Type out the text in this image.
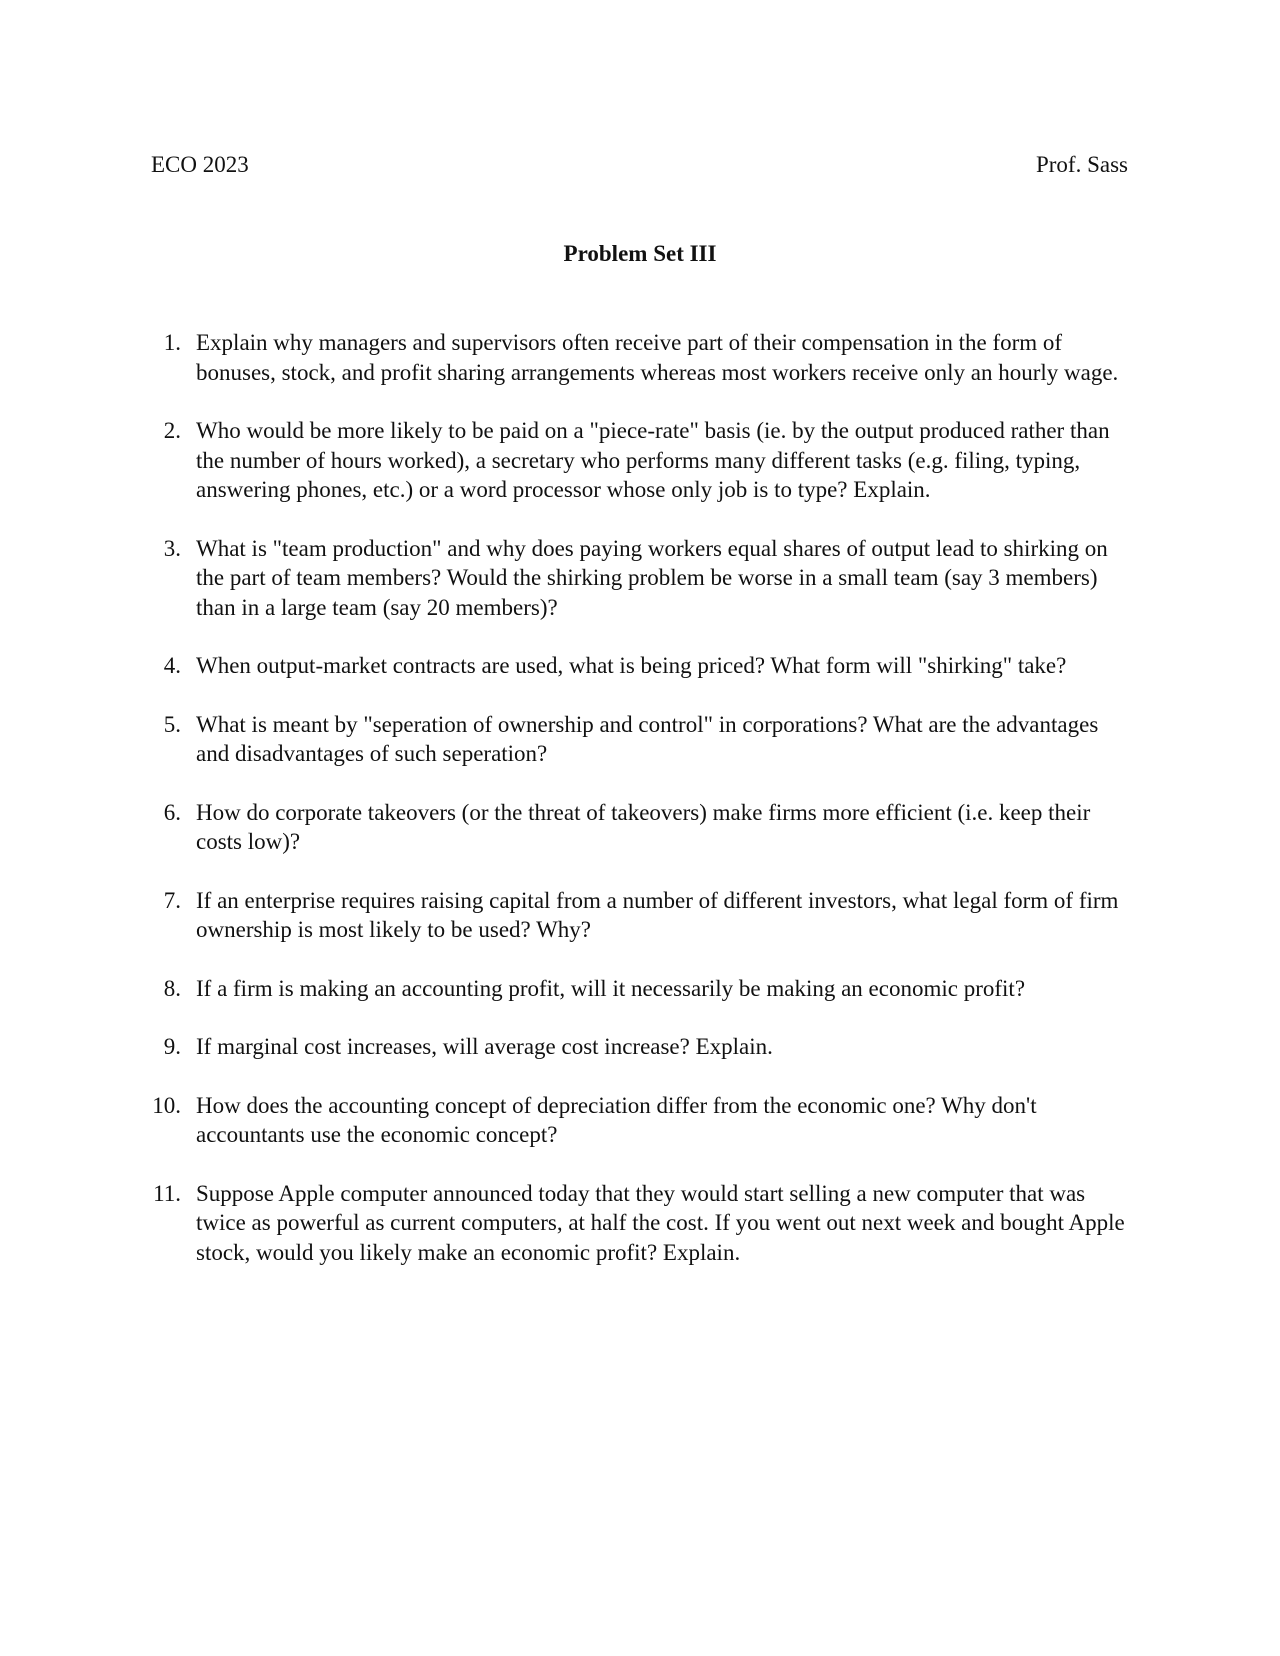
ECO 2023	Prof. Sass
Problem Set III
1. Explain why managers and supervisors often receive part of their compensation in the form of bonuses, stock, and profit sharing arrangements whereas most workers receive only an hourly wage.
2. Who would be more likely to be paid on a "piece-rate" basis (ie. by the output produced rather than the number of hours worked), a secretary who performs many different tasks (e.g. filing, typing, answering phones, etc.) or a word processor whose only job is to type? Explain.
3. What is "team production" and why does paying workers equal shares of output lead to shirking on the part of team members? Would the shirking problem be worse in a small team (say 3 members) than in a large team (say 20 members)?
4. When output-market contracts are used, what is being priced? What form will "shirking" take?
5. What is meant by "seperation of ownership and control" in corporations? What are the advantages and disadvantages of such seperation?
6. How do corporate takeovers (or the threat of takeovers) make firms more efficient (i.e. keep their costs low)?
7. If an enterprise requires raising capital from a number of different investors, what legal form of firm ownership is most likely to be used? Why?
8. If a firm is making an accounting profit, will it necessarily be making an economic profit?
9. If marginal cost increases, will average cost increase? Explain.
10. How does the accounting concept of depreciation differ from the economic one? Why don't accountants use the economic concept?
11. Suppose Apple computer announced today that they would start selling a new computer that was twice as powerful as current computers, at half the cost. If you went out next week and bought Apple stock, would you likely make an economic profit? Explain.
